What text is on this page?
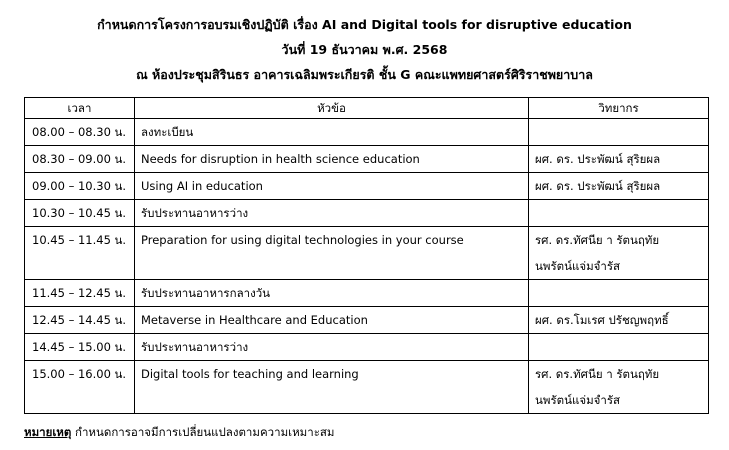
กำหนดการโครงการอบรมเชิงปฏิบัติ เรื่อง AI and Digital tools for disruptive education
วันที่ 19 ธันวาคม พ.ศ. 2568
ณ ห้องประชุมสิรินธร อาคารเฉลิมพระเกียรติ ชั้น G คณะแพทยศาสตร์ศิริราชพยาบาล
เวลา	หัวข้อ	วิทยากร
08.00 – 08.30 น.	ลงทะเบียน	
08.30 – 09.00 น.	Needs for disruption in health science education	ผศ. ดร. ประพัฒน์ สุริยผล
09.00 – 10.30 น.	Using AI in education	ผศ. ดร. ประพัฒน์ สุริยผล
10.30 – 10.45 น.	รับประทานอาหารว่าง	
10.45 – 11.45 น.	Preparation for using digital technologies in your course	รศ. ดร.ทัศนีย า รัตนฤทัย
นพรัตน์แจ่มจำรัส

11.45 – 12.45 น.	รับประทานอาหารกลางวัน	
12.45 – 14.45 น.	Metaverse in Healthcare and Education	ผศ. ดร.โมเรศ ปรัชญพฤทธิ์
14.45 – 15.00 น.	รับประทานอาหารว่าง	
15.00 – 16.00 น.	Digital tools for teaching and learning	รศ. ดร.ทัศนีย า รัตนฤทัย
นพรัตน์แจ่มจำรัส
หมายเหตุ กำหนดการอาจมีการเปลี่ยนแปลงตามความเหมาะสม
